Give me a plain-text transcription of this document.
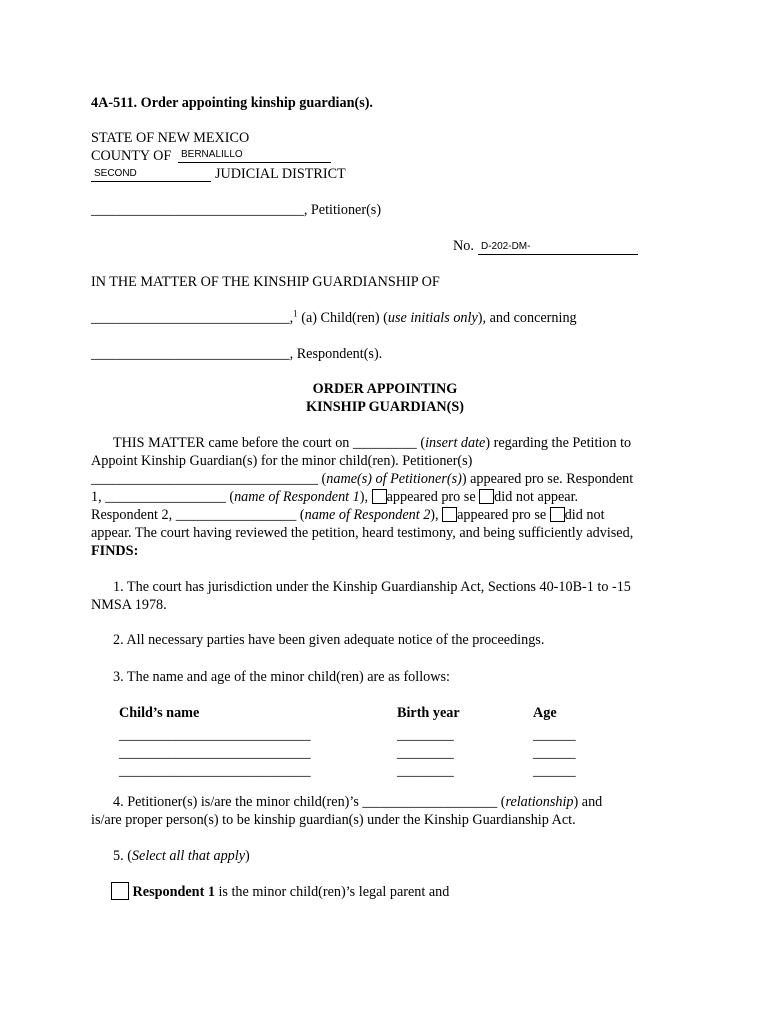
4A-511. Order appointing kinship guardian(s).
STATE OF NEW MEXICO
COUNTY OF BERNALILLO
SECOND	JUDICIAL DISTRICT
______________________________, Petitioner(s)
No. D-202-DM-
IN THE MATTER OF THE KINSHIP GUARDIANSHIP OF
____________________________,$^1$ (a) Child(ren) (use initials only), and concerning
____________________________, Respondent(s).
ORDER APPOINTING
KINSHIP GUARDIAN(S)
THIS MATTER came before the court on _________ (insert date) regarding the Petition to
Appoint Kinship Guardian(s) for the minor child(ren). Petitioner(s)
________________________________ (name(s) of Petitioner(s)) appeared pro se. Respondent
1, _________________ (name of Respondent 1), appeared pro se did not appear.
Respondent 2, _________________ (name of Respondent 2), appeared pro se did not
appear. The court having reviewed the petition, heard testimony, and being sufficiently advised,
FINDS:
1. The court has jurisdiction under the Kinship Guardianship Act, Sections 40-10B-1 to -15
NMSA 1978.
2. All necessary parties have been given adequate notice of the proceedings.
3. The name and age of the minor child(ren) are as follows:
Child’s name	Birth year	Age
___________________________	________	______
___________________________	________	______
___________________________	________	______
4. Petitioner(s) is/are the minor child(ren)’s ___________________ (relationship) and
is/are proper person(s) to be kinship guardian(s) under the Kinship Guardianship Act.
5. (Select all that apply)
Respondent 1 is the minor child(ren)’s legal parent and
